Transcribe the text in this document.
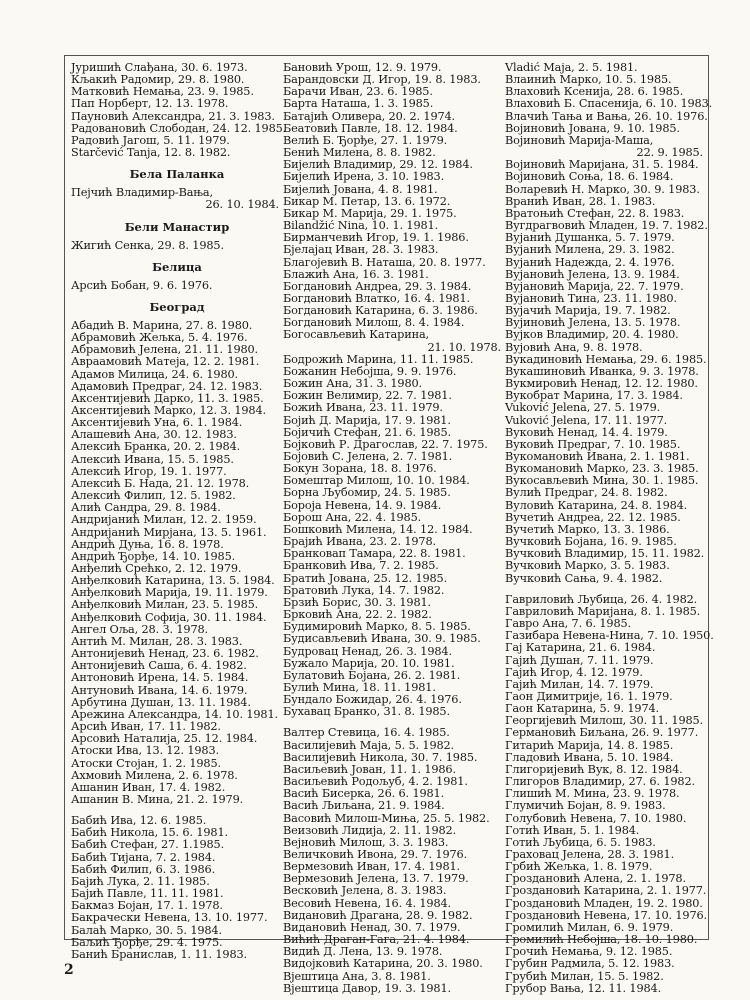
Јуришић Слађана, 30. 6. 1973.
Кљакић Радомир, 29. 8. 1980.
Матковић Немања, 23. 9. 1985.
Пап Норберт, 12. 13. 1978.
Пауновић Александра, 21. 3. 1983.
Радовановић Слободан, 24. 12. 1985.
Радовић Јагош, 5. 11. 1979.
Starčević Tanja, 12. 8. 1982.
Бела Паланка
Пејчић Владимир-Вања,
26. 10. 1984.
Бели Манастир
Жигић Сенка, 29. 8. 1985.
Белица
Арсић Бобан, 9. 6. 1976.
Београд
Абадић В. Марина, 27. 8. 1980.
Абрамовић Жељка, 5. 4. 1976.
Абрамовић Јелена, 21. 11. 1980.
Авраамовић Матеја, 12. 2. 1981.
Адамов Милица, 24. 6. 1980.
Адамовић Предраг, 24. 12. 1983.
Аксентијевић Дарко, 11. 3. 1985.
Аксентијевић Марко, 12. 3. 1984.
Аксентијевић Уна, 6. 1. 1984.
Алашевић Ана, 30. 12. 1983.
Алексић Бранка, 20. 2. 1984.
Алексић Ивана, 15. 5. 1985.
Алексић Игор, 19. 1. 1977.
Алексић Б. Нада, 21. 12. 1978.
Алексић Филип, 12. 5. 1982.
Алић Сандра, 29. 8. 1984.
Андријанић Милан, 12. 2. 1959.
Андријанић Мирјана, 13. 5. 1961.
Андрић Дуња, 16. 8. 1978.
Андрић Ђорђе, 14. 10. 1985.
Анђелић Срећко, 2. 12. 1979.
Анђелковић Катарина, 13. 5. 1984.
Анђелковић Марија, 19. 11. 1979.
Анђелковић Милан, 23. 5. 1985.
Анђелковић Софија, 30. 11. 1984.
Ангел Оља, 28. 3. 1978.
Антић М. Милан, 28. 3. 1983.
Антонијевић Ненад, 23. 6. 1982.
Антонијевић Саша, 6. 4. 1982.
Антоновић Ирена, 14. 5. 1984.
Антуновић Ивана, 14. 6. 1979.
Арбутина Душан, 13. 11. 1984.
Арежина Александра, 14. 10. 1981.
Арсић Иван, 17. 11. 1982.
Арсовић Наталија, 25. 12. 1984.
Атоски Ива, 13. 12. 1983.
Атоски Стојан, 1. 2. 1985.
Ахмовић Милена, 2. 6. 1978.
Ашанин Иван, 17. 4. 1982.
Ашанин В. Мина, 21. 2. 1979.
Бабић Ива, 12. 6. 1985.
Бабић Никола, 15. 6. 1981.
Бабић Стефан, 27. 1.1985.
Бабић Тијана, 7. 2. 1984.
Бабић Филип, 6. 3. 1986.
Бајић Лука, 2. 11. 1985.
Бајић Павле, 11. 11. 1981.
Бакмаз Бојан, 17. 1. 1978.
Бакрачески Невена, 13. 10. 1977.
Балаћ Марко, 30. 5. 1984.
Баљић Ђорђе, 29. 4. 1975.
Банић Бранислав, 1. 11. 1983.
Бановић Урош, 12. 9. 1979.
Барандовски Д. Игор, 19. 8. 1983.
Барачи Иван, 23. 6. 1985.
Барта Наташа, 1. 3. 1985.
Батајић Оливера, 20. 2. 1974.
Беатовић Павле, 18. 12. 1984.
Велић Б. Ђорђе, 27. 1. 1979.
Бенић Милена, 8. 8. 1982.
Бијелић Владимир, 29. 12. 1984.
Бијелић Ирена, 3. 10. 1983.
Бијелић Јована, 4. 8. 1981.
Бикар М. Петар, 13. 6. 1972.
Бикар М. Марија, 29. 1. 1975.
Bilandžić Nina, 10. 1. 1981.
Бирманчевић Игор, 19. 1. 1986.
Бјелајац Иван, 28. 3. 1983.
Благојевић В. Наташа, 20. 8. 1977.
Блажић Ана, 16. 3. 1981.
Богдановић Андреа, 29. 3. 1984.
Богдановић Влатко, 16. 4. 1981.
Богдановић Катарина, 6. 3. 1986.
Богдановић Милош, 8. 4. 1984.
Богосављевић Катарина,
21. 10. 1978.
Бодрожић Марина, 11. 11. 1985.
Божанин Небојша, 9. 9. 1976.
Божин Ана, 31. 3. 1980.
Божин Велимир, 22. 7. 1981.
Божић Ивана, 23. 11. 1979.
Бојић Д. Марија, 17. 9. 1981.
Бојичић Стефан, 21. 6. 1985.
Бојковић Р. Драгослав, 22. 7. 1975.
Бојовић С. Јелена, 2. 7. 1981.
Бокун Зорана, 18. 8. 1976.
Бомештар Милош, 10. 10. 1984.
Борна Љубомир, 24. 5. 1985.
Бороја Невена, 14. 9. 1984.
Борош Ана, 22. 4. 1985.
Бошковић Милена, 14. 12. 1984.
Брајић Ивана, 23. 2. 1978.
Бранковап Тамара, 22. 8. 1981.
Бранковић Ива, 7. 2. 1985.
Братић Јована, 25. 12. 1985.
Братовић Лука, 14. 7. 1982.
Брзић Борис, 30. 3. 1981.
Брковић Ана, 22. 2. 1982.
Будимировић Марко, 8. 5. 1985.
Будисављевић Ивана, 30. 9. 1985.
Будровац Ненад, 26. 3. 1984.
Бужало Марија, 20. 10. 1981.
Булатовић Бојана, 26. 2. 1981.
Булић Мина, 18. 11. 1981.
Бундало Божидар, 26. 4. 1976.
Бухавац Бранко, 31. 8. 1985.
Валтер Стевица, 16. 4. 1985.
Василијевић Маја, 5. 5. 1982.
Василијевић Никола, 30. 7. 1985.
Васиљевић Јован, 11. 1. 1986.
Васиљевић Родољуб, 4. 2. 1981.
Васић Бисерка, 26. 6. 1981.
Васић Љиљана, 21. 9. 1984.
Васовић Милош-Миња, 25. 5. 1982.
Веизовић Лидија, 2. 11. 1982.
Вејновић Милош, 3. 3. 1983.
Величковић Ивона, 29. 7. 1976.
Вермезовић Иван, 17. 4. 1981.
Вермезовић Јелена, 13. 7. 1979.
Весковић Јелена, 8. 3. 1983.
Весовић Невена, 16. 4. 1984.
Видановић Драгана, 28. 9. 1982.
Видановић Ненад, 30. 7. 1979.
Вићић Драган-Гага, 21. 4. 1984.
Видић Д. Лена, 13. 9. 1978.
Видојковић Катарина, 20. 3. 1980.
Вјештица Ана, 3. 8. 1981.
Вјештица Давор, 19. 3. 1981.
Vladić Maja, 2. 5. 1981.
Влаинић Марко, 10. 5. 1985.
Влаховић Ксенија, 28. 6. 1985.
Влаховић Б. Спасенија, 6. 10. 1983.
Влачић Тања и Вања, 26. 10. 1976.
Војиновић Јована, 9. 10. 1985.
Војиновић Марија-Маша,
22. 9. 1985.
Војиновић Маријана, 31. 5. 1984.
Војиновић Соња, 18. 6. 1984.
Воларевић Н. Марко, 30. 9. 1983.
Вранић Иван, 28. 1. 1983.
Вратоњић Стефан, 22. 8. 1983.
Вугдрагвовић Младен, 19. 7. 1982.
Вујанић Душанка, 5. 7. 1979.
Вујанић Милена, 29. 3. 1982.
Вујанић Надежда, 2. 4. 1976.
Вујановић Јелена, 13. 9. 1984.
Вујановић Марија, 22. 7. 1979.
Вујановић Тина, 23. 11. 1980.
Вујачић Марија, 19. 7. 1982.
Вујиновић Јелена, 13. 5. 1978.
Вујков Владимир, 20. 4. 1980.
Вујовић Ана, 9. 8. 1978.
Вукадиновић Немања, 29. 6. 1985.
Вукашиновић Иванка, 9. 3. 1978.
Вукмировић Ненад, 12. 12. 1980.
Вукобрат Марина, 17. 3. 1984.
Vuković Jelena, 27. 5. 1979.
Vuković Jelena, 17. 11. 1977.
Вуковић Ненад, 14. 4. 1979.
Вуковић Предраг, 7. 10. 1985.
Вукомановић Ивана, 2. 1. 1981.
Вукомановић Марко, 23. 3. 1985.
Вукосављевић Мина, 30. 1. 1985.
Вулић Предраг, 24. 8. 1982.
Вуловић Катарина, 24. 8. 1984.
Вучетић Андреа, 22. 12. 1985.
Вучетић Марко, 13. 3. 1986.
Вучковић Бојана, 16. 9. 1985.
Вучковић Владимир, 15. 11. 1982.
Вучковић Марко, 3. 5. 1983.
Вучковић Сања, 9. 4. 1982.
Гавриловић Љубица, 26. 4. 1982.
Гавриловић Маријана, 8. 1. 1985.
Гавро Ана, 7. 6. 1985.
Газибара Невена-Нина, 7. 10. 1950.
Гај Катарина, 21. 6. 1984.
Гајић Душан, 7. 11. 1979.
Гајић Игор, 4. 12. 1979.
Гајић Милан, 14. 7. 1979.
Гаон Димитрије, 16. 1. 1979.
Гаон Катарина, 5. 9. 1974.
Георгијевић Милош, 30. 11. 1985.
Германовић Биљана, 26. 9. 1977.
Гитарић Марија, 14. 8. 1985.
Гладовић Ивана, 5. 10. 1984.
Глигоријевић Вук, 8. 12. 1984.
Глигоров Владимир, 27. 6. 1982.
Глишић М. Мина, 23. 9. 1978.
Глумичић Бојан, 8. 9. 1983.
Голубовић Невена, 7. 10. 1980.
Готић Иван, 5. 1. 1984.
Готић Љубица, 6. 5. 1983.
Граховац Јелена, 28. 3. 1981.
Грбић Жељка, 1. 8. 1979.
Гроздановић Алена, 2. 1. 1978.
Гроздановић Катарина, 2. 1. 1977.
Гроздановић Младен, 19. 2. 1980.
Гроздановић Невена, 17. 10. 1976.
Громилић Милан, 6. 9. 1979.
Громилић Небојша, 18. 10. 1980.
Грочић Немања, 9. 12. 1985.
Грубин Радмила, 5. 12. 1983.
Грубић Милан, 15. 5. 1982.
Грубор Вања, 12. 11. 1984.
2
